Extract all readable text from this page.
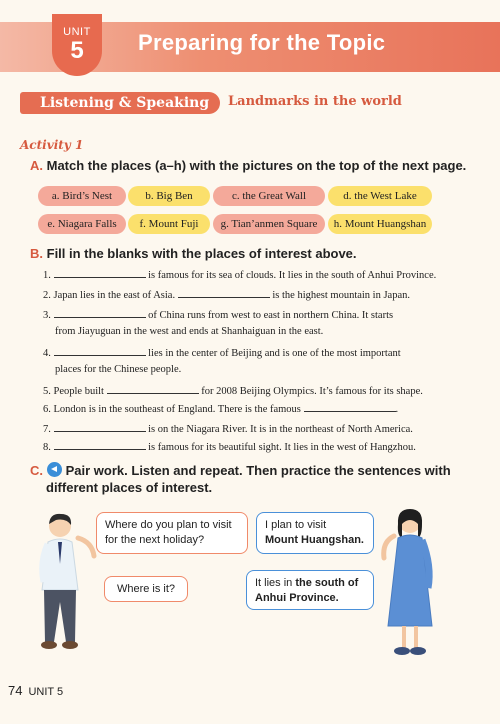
UNIT
5	Preparing for the Topic
Listening & Speaking	Landmarks in the world
Activity 1
A. Match the places (a–h) with the pictures on the top of the next page.
a. Bird’s Nest	b. Big Ben	c. the Great Wall	d. the West Lake
e. Niagara Falls	f. Mount Fuji	g. Tian’anmen Square	h. Mount Huangshan
B. Fill in the blanks with the places of interest above.
1.	is famous for its sea of clouds. It lies in the south of Anhui Province.
2. Japan lies in the east of Asia.	is the highest mountain in Japan.
3.	of China runs from west to east in northern China. It starts
from Jiayuguan in the west and ends at Shanhaiguan in the east.
4.	lies in the center of Beijing and is one of the most important
places for the Chinese people.
5. People built	for 2008 Beijing Olympics. It’s famous for its shape.
6. London is in the southeast of England. There is the famous	.
7.	is on the Niagara River. It is in the northeast of North America.
8.	is famous for its beautiful sight. It lies in the west of Hangzhou.
C. Pair work. Listen and repeat. Then practice the sentences with
different places of interest.
Where do you plan to visit
for the next holiday?
I plan to visit
Mount Huangshan.
Where is it?	It lies in the south of
Anhui Province.
74 UNIT 5
